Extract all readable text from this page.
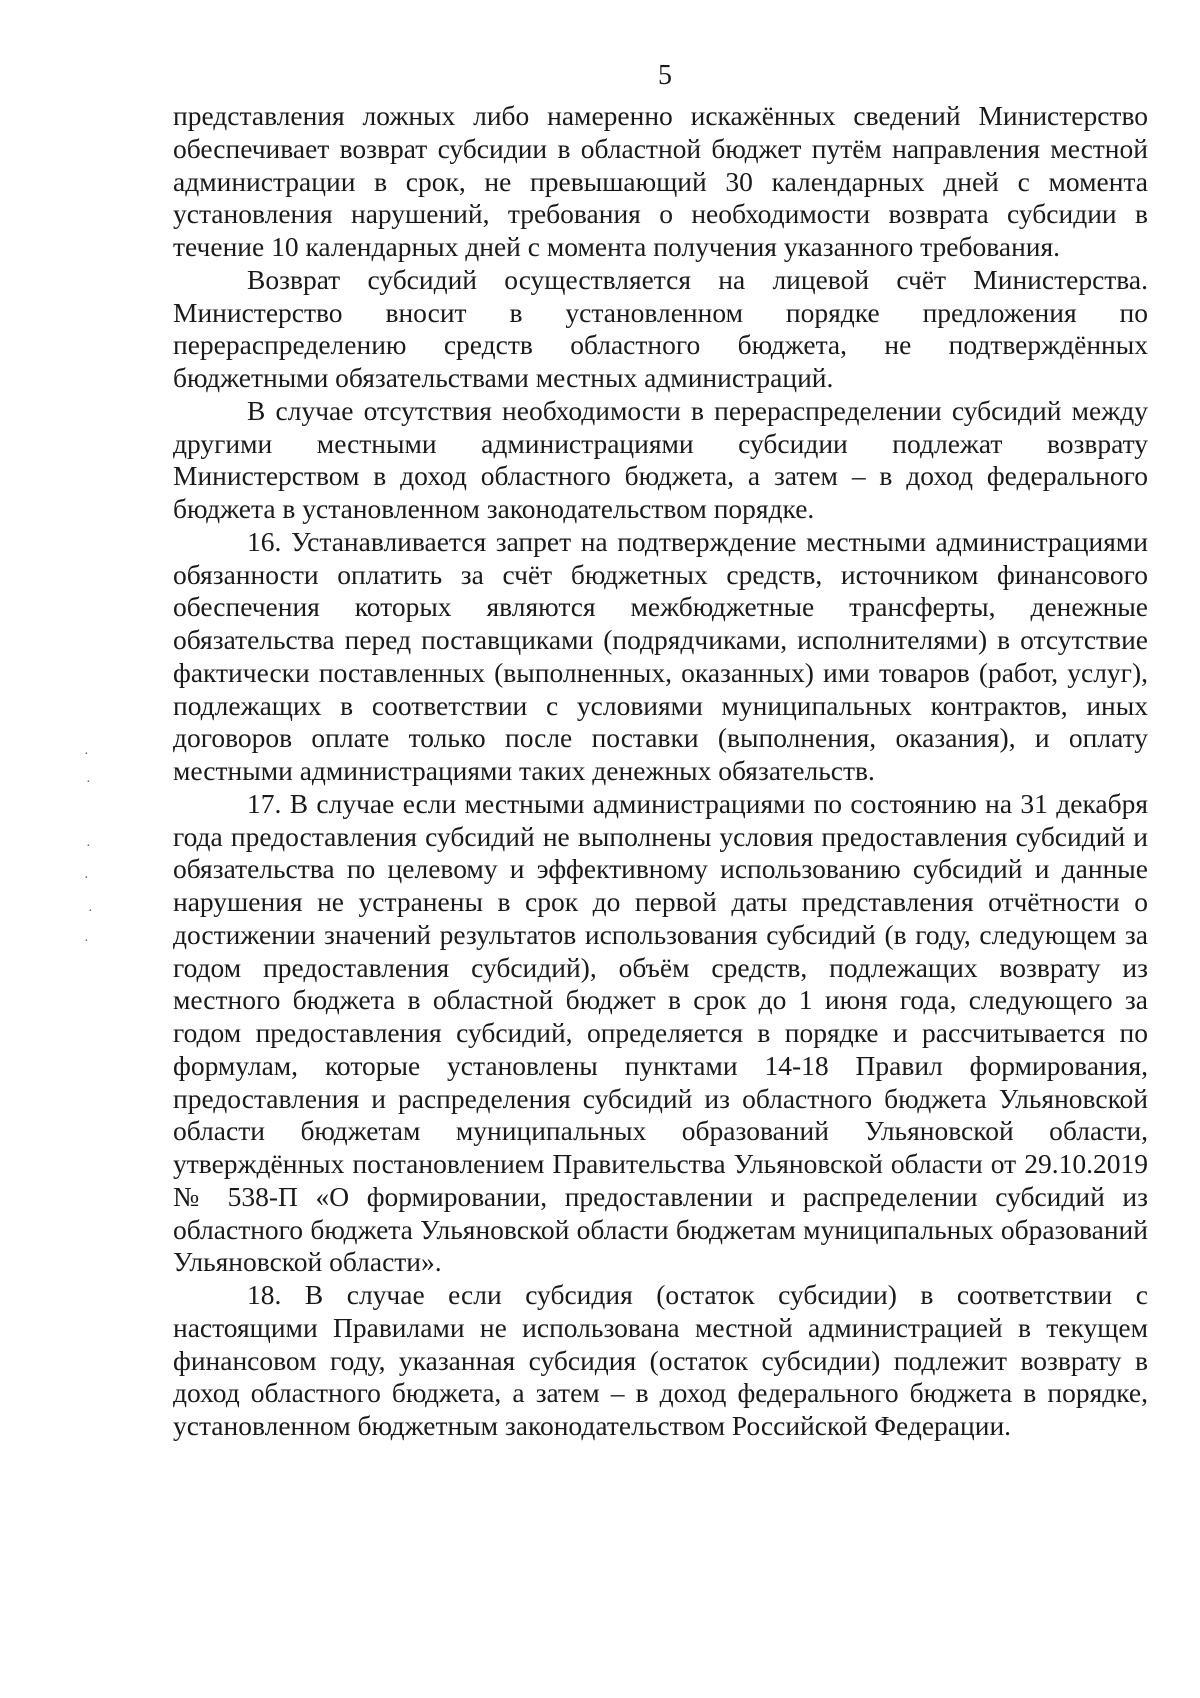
5

представления ложных либо намеренно искажённых сведений Министерство обеспечивает возврат субсидии в областной бюджет путём направления местной администрации в срок, не превышающий 30 календарных дней с момента установления нарушений, требования о необходимости возврата субсидии в течение 10 календарных дней с момента получения указанного требования.

Возврат субсидий осуществляется на лицевой счёт Министерства. Министерство вносит в установленном порядке предложения по перераспределению средств областного бюджета, не подтверждённых бюджетными обязательствами местных администраций.

В случае отсутствия необходимости в перераспределении субсидий между другими местными администрациями субсидии подлежат возврату Министерством в доход областного бюджета, а затем – в доход федерального бюджета в установленном законодательством порядке.

16. Устанавливается запрет на подтверждение местными администрациями обязанности оплатить за счёт бюджетных средств, источником финансового обеспечения которых являются межбюджетные трансферты, денежные обязательства перед поставщиками (подрядчиками, исполнителями) в отсутствие фактически поставленных (выполненных, оказанных) ими товаров (работ, услуг), подлежащих в соответствии с условиями муниципальных контрактов, иных договоров оплате только после поставки (выполнения, оказания), и оплату местными администрациями таких денежных обязательств.

17. В случае если местными администрациями по состоянию на 31 декабря года предоставления субсидий не выполнены условия предоставления субсидий и обязательства по целевому и эффективному использованию субсидий и данные нарушения не устранены в срок до первой даты представления отчётности о достижении значений результатов использования субсидий (в году, следующем за годом предоставления субсидий), объём средств, подлежащих возврату из местного бюджета в областной бюджет в срок до 1 июня года, следующего за годом предоставления субсидий, определяется в порядке и рассчитывается по формулам, которые установлены пунктами 14-18 Правил формирования, предоставления и распределения субсидий из областного бюджета Ульяновской области бюджетам муниципальных образований Ульяновской области, утверждённых постановлением Правительства Ульяновской области от 29.10.2019 № 538-П «О формировании, предоставлении и распределении субсидий из областного бюджета Ульяновской области бюджетам муниципальных образований Ульяновской области».

18. В случае если субсидия (остаток субсидии) в соответствии с настоящими Правилами не использована местной администрацией в текущем финансовом году, указанная субсидия (остаток субсидии) подлежит возврату в доход областного бюджета, а затем – в доход федерального бюджета в порядке, установленном бюджетным законодательством Российской Федерации.

·
·
·
·
·
·
